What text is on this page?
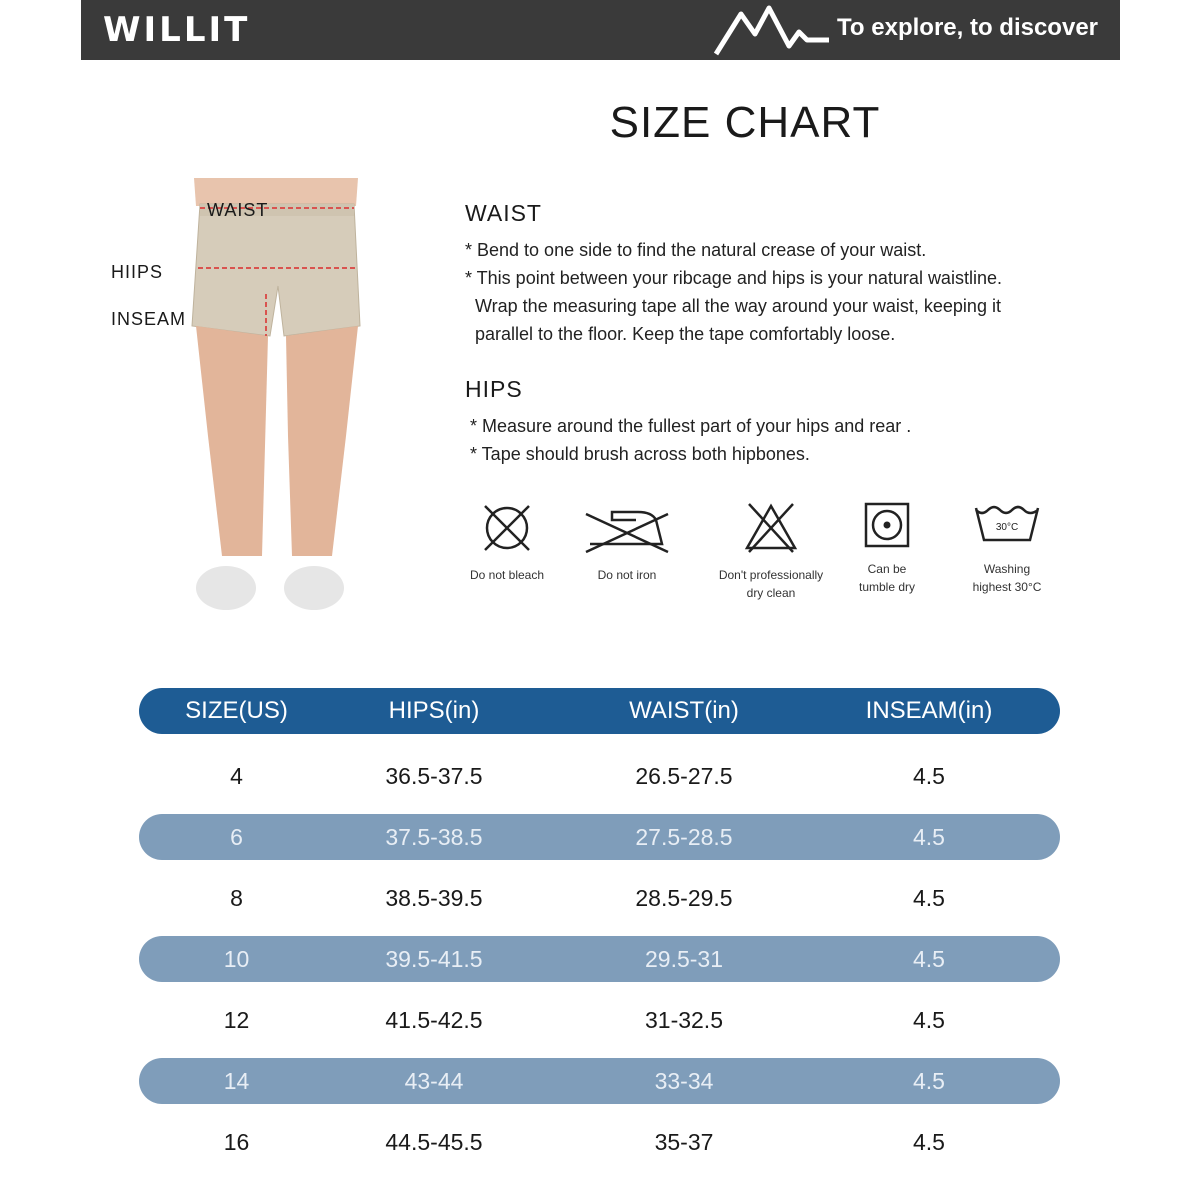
WILLIT	To explore, to discover
SIZE CHART
WAIST
HIIPS
INSEAM
WAIST
* Bend to one side to find the natural crease of your waist.
* This point between your ribcage and hips is your natural waistline.
Wrap the measuring tape all the way around your waist, keeping it
parallel to the floor. Keep the tape comfortably loose.
HIPS
* Measure around the fullest part of your hips and rear .
* Tape should brush across both hipbones.
Do not bleach	Do not iron	Don't professionally
dry clean
Can be
tumble dry
30°C
Washing
highest 30°C
SIZE(US)	HIPS(in)	WAIST(in)	INSEAM(in)
4	36.5-37.5	26.5-27.5	4.5
6	37.5-38.5	27.5-28.5	4.5
8	38.5-39.5	28.5-29.5	4.5
10	39.5-41.5	29.5-31	4.5
12	41.5-42.5	31-32.5	4.5
14	43-44	33-34	4.5
16	44.5-45.5	35-37	4.5
